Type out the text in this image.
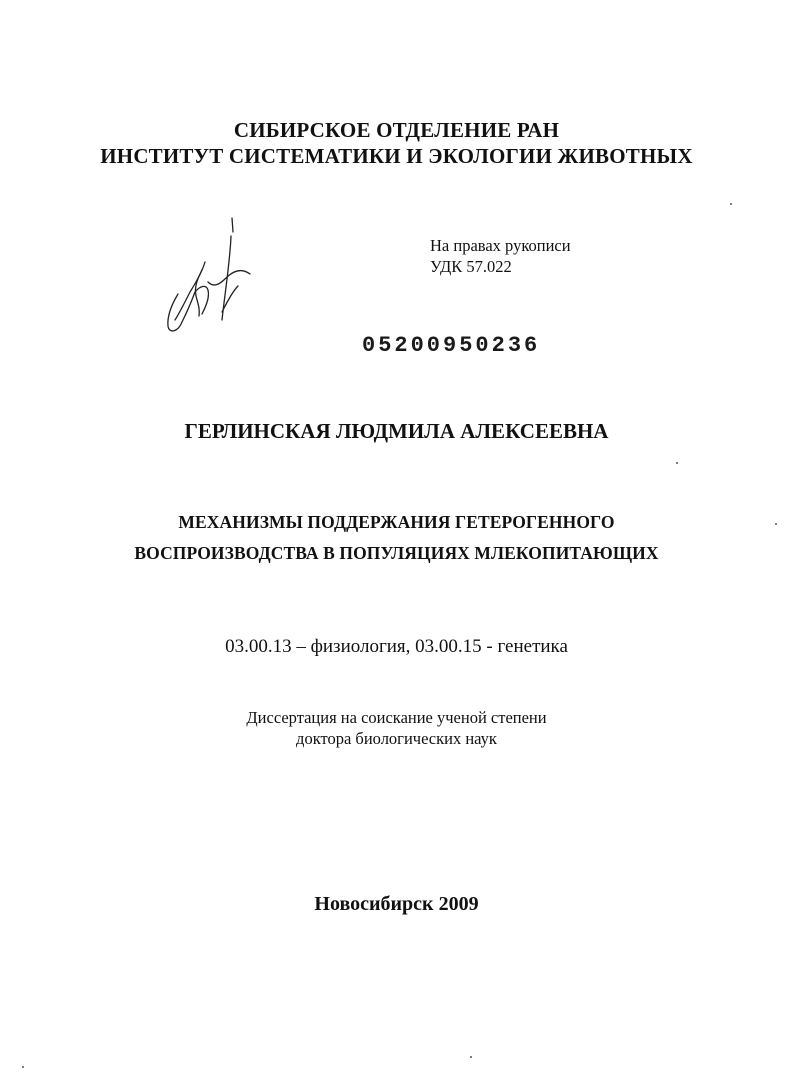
СИБИРСКОЕ ОТДЕЛЕНИЕ РАН
ИНСТИТУТ СИСТЕМАТИКИ И ЭКОЛОГИИ ЖИВОТНЫХ
На правах рукописи
УДК 57.022
05200950236
ГЕРЛИНСКАЯ ЛЮДМИЛА АЛЕКСЕЕВНА
МЕХАНИЗМЫ ПОДДЕРЖАНИЯ ГЕТЕРОГЕННОГО
ВОСПРОИЗВОДСТВА В ПОПУЛЯЦИЯХ МЛЕКОПИТАЮЩИХ
03.00.13 – физиология, 03.00.15 - генетика
Диссертация на соискание ученой степени
доктора биологических наук
Новосибирск 2009
